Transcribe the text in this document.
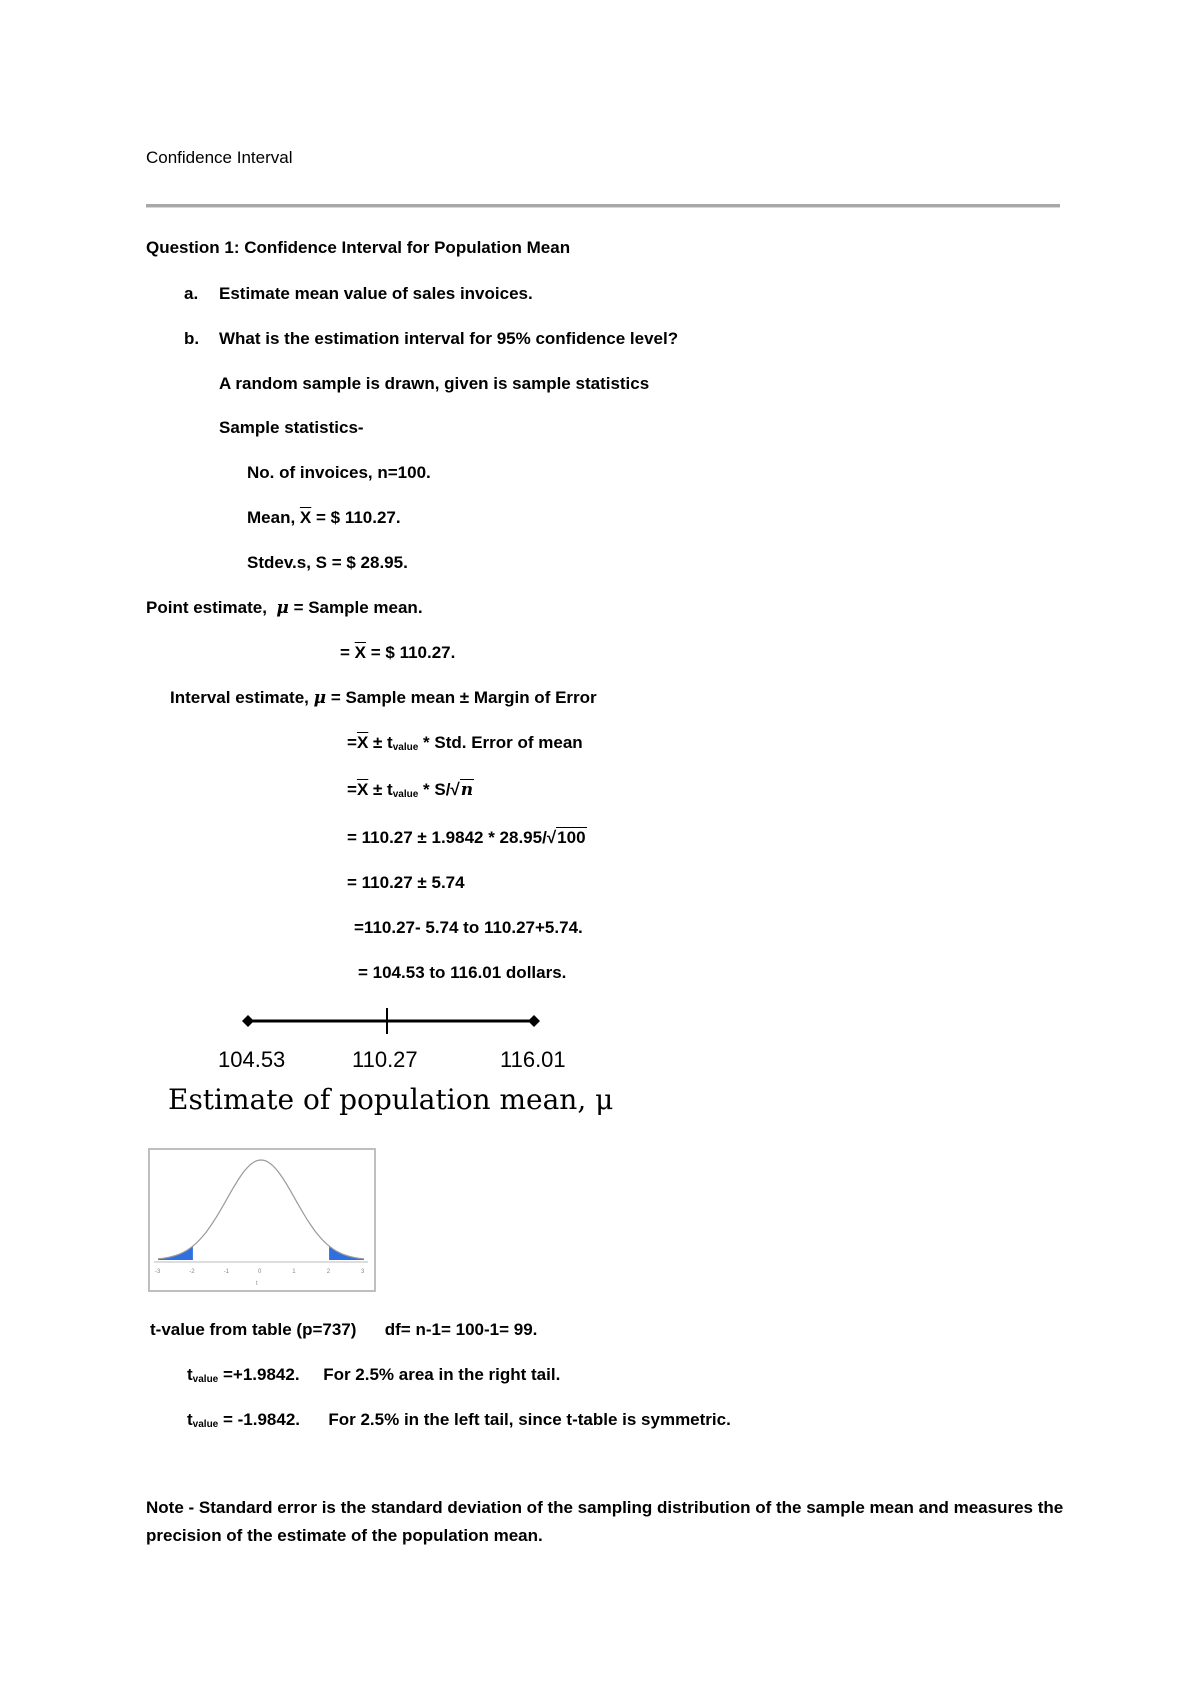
Confidence Interval
Question 1: Confidence Interval for Population Mean
a. Estimate mean value of sales invoices.
b. What is the estimation interval for 95% confidence level?
A random sample is drawn, given is sample statistics
Sample statistics-
No. of invoices, n=100.
Mean, $\overline{X}$ = $ 110.27.
Stdev.s, S = $ 28.95.
Point estimate, μ = Sample mean.
= $\overline{X}$ = $ 110.27.
Interval estimate, μ = Sample mean ± Margin of Error
$=\overline{X} \pm t_{value}$ * Std. Error of mean
$=\overline{X} \pm t_{value} * S/√n$
= 110.27 ± 1.9842 * 28.95/√100
= 110.27 ± 5.74
=110.27- 5.74 to 110.27+5.74.
= 104.53 to 116.01 dollars.
104.53	110.27	116.01
Estimate of population mean, μ
-3	-2	-1	0	1	2	3
t
t-value from table (p=737) df= n-1= 100-1= 99.
$t_{value} =+1.9842$. For 2.5% area in the right tail.
$t_{value} = -1.9842$. For 2.5% in the left tail, since t-table is symmetric.
Note - Standard error is the standard deviation of the sampling distribution of the sample mean and measures the precision of the estimate of the population mean.
